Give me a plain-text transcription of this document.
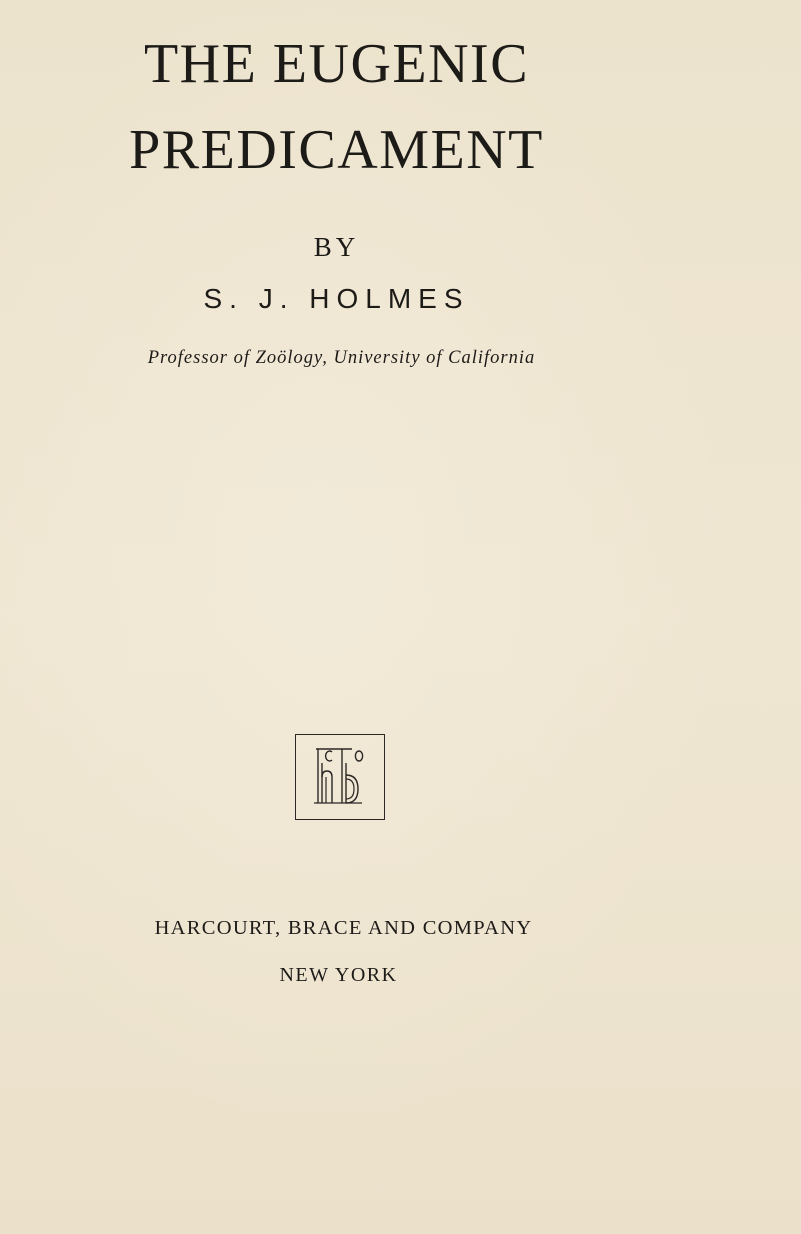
THE EUGENIC
PREDICAMENT
BY
S. J. HOLMES
Professor of Zoölogy, University of California
HARCOURT, BRACE AND COMPANY
NEW YORK
